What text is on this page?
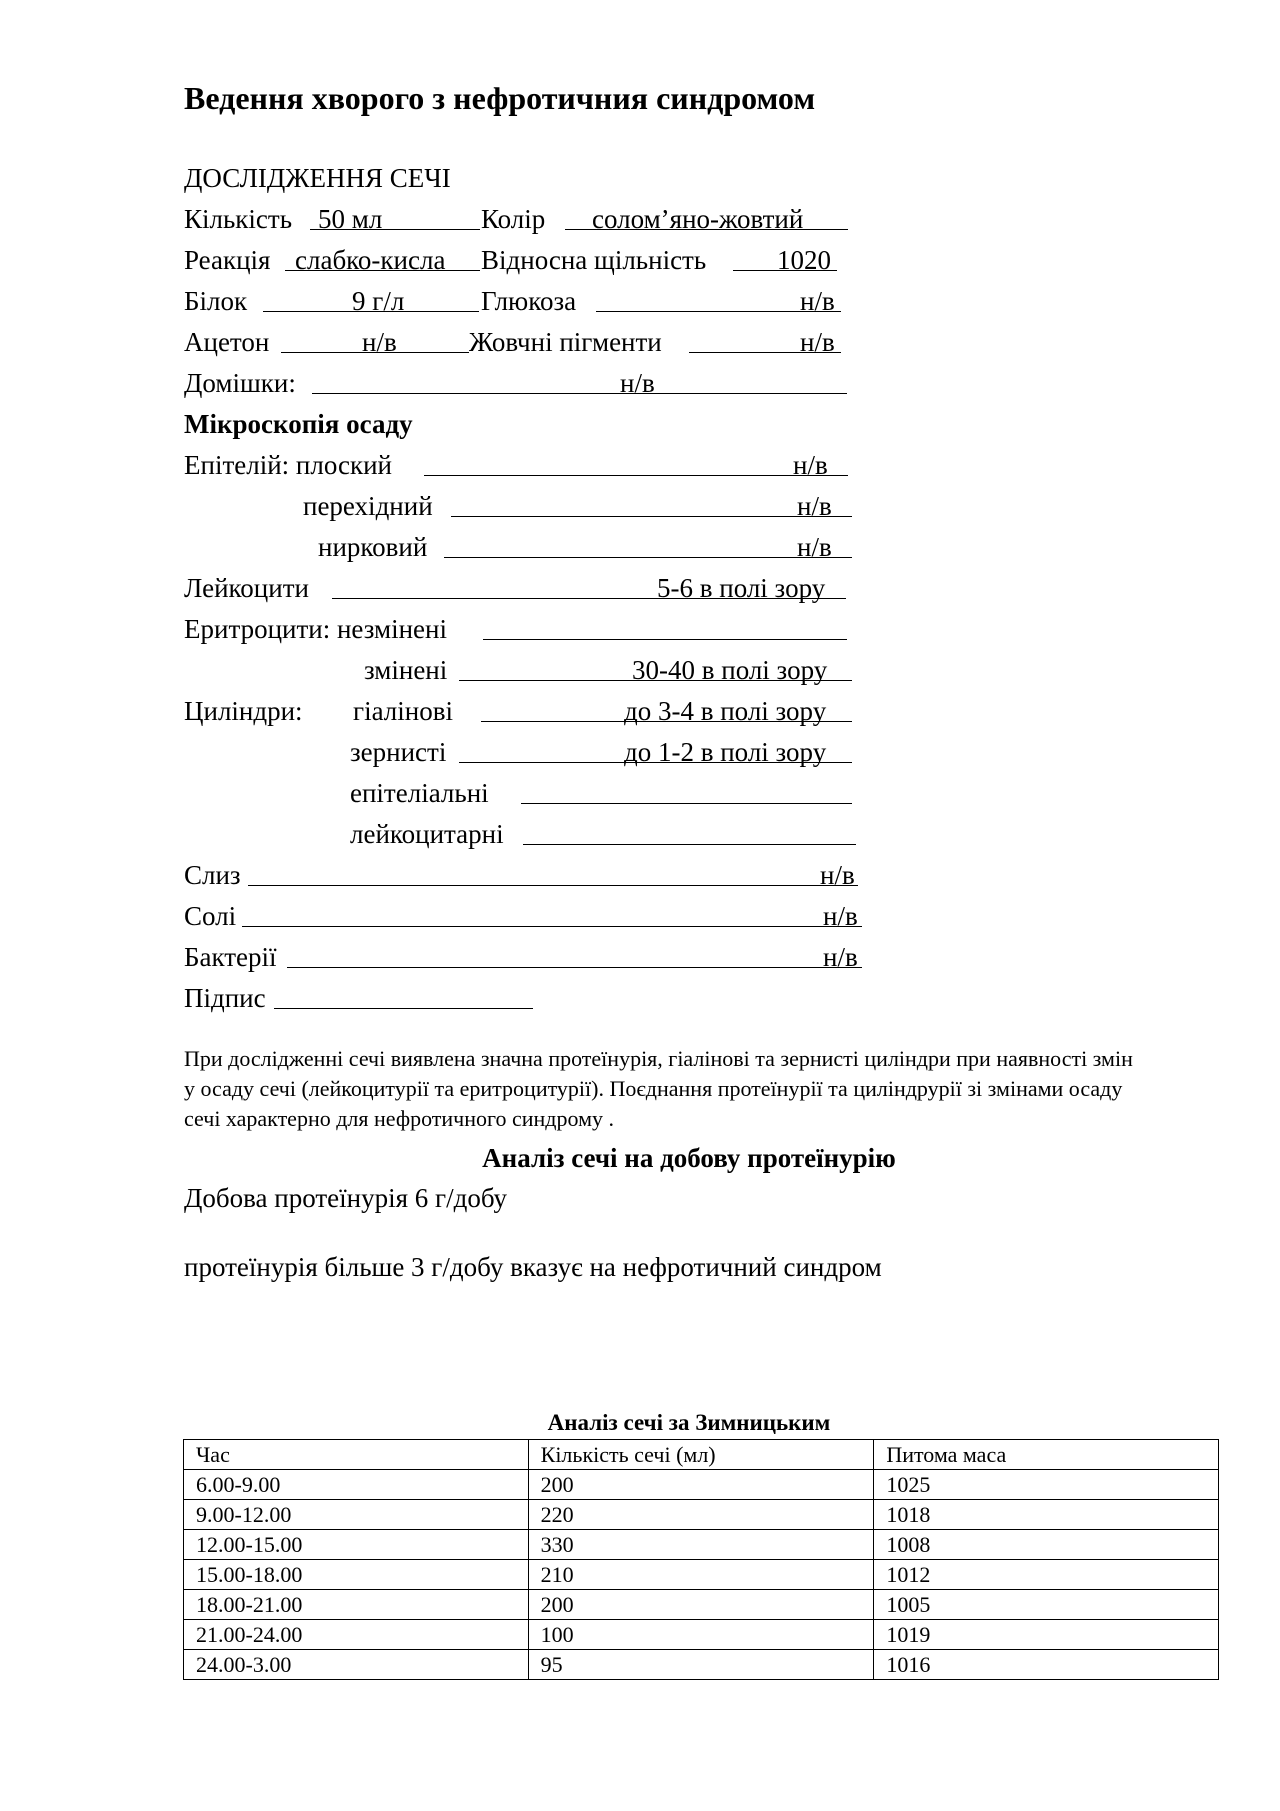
Ведення хворого з нефротичния синдромом
ДОСЛІДЖЕННЯ СЕЧІ
Кількість 50 мл	Колір солом’яно-жовтий
Реакція слабко-кисла Відносна щільність	1020
Білок	9 г/л	Глюкоза	н/в
Ацетон	н/в	Жовчні пігменти	н/в
Домішки:	н/в
Мікроскопія осаду
Епітелій: плоский	н/в
перехідний	н/в
нирковий	н/в
Лейкоцити	5-6 в полі зору
Еритроцити: незмінені
змінені	30-40 в полі зору
Циліндри: гіалінові	до 3-4 в полі зору
зернисті	до 1-2 в полі зору
епітеліальні
лейкоцитарні
Слиз	н/в
Солі	н/в
Бактерії	н/в
Підпис
При дослідженні сечі виявлена значна протеїнурія, гіалінові та зернисті циліндри при наявності змін у осаду сечі (лейкоцитурії та еритроцитурії). Поєднання протеїнурії та циліндрурії зі змінами осаду сечі характерно для нефротичного синдрому .
Аналіз сечі на добову протеїнурію
Добова протеїнурія 6 г/добу
протеїнурія більше 3 г/добу вказує на нефротичний синдром
Аналіз сечі за Зимницьким
Час	Кількість сечі (мл)	Питома маса
6.00-9.00	200	1025
9.00-12.00	220	1018
12.00-15.00	330	1008
15.00-18.00	210	1012
18.00-21.00	200	1005
21.00-24.00	100	1019
24.00-3.00	95	1016
